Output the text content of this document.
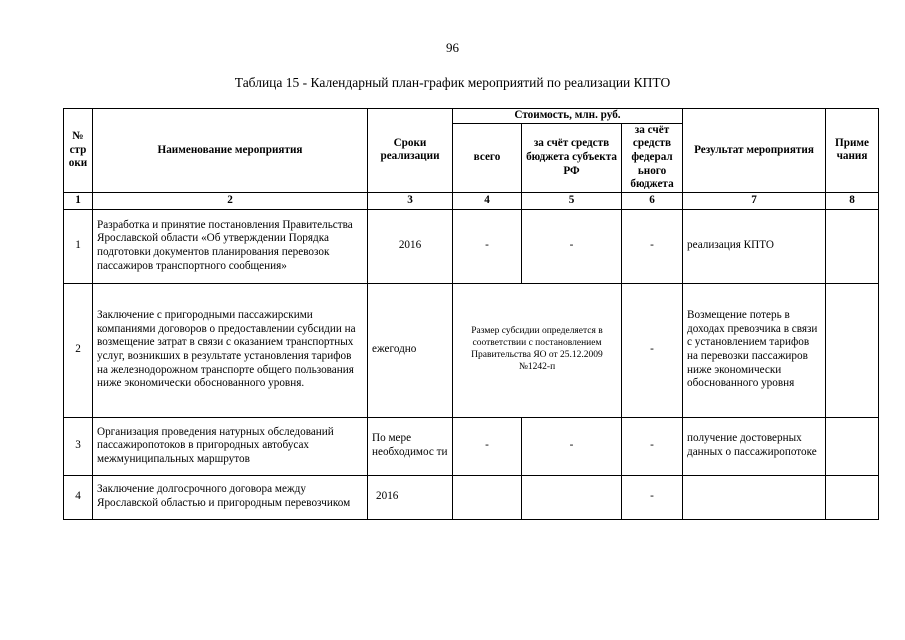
96
Таблица 15 - Календарный план-график мероприятий по реализации КПТО
№ стр оки	Наименование мероприятия	Сроки реализации	Стоимость, млн. руб.			Результат мероприятия	Приме чания
			всего	за счёт средств бюджета субъекта РФ	за счёт средств федерал ьного бюджета		
1	2	3	4	5	6	7	8
1	Разработка и принятие постановления Правительства Ярославской области «Об утверждении Порядка подготовки документов планирования перевозок пассажиров транспортного сообщения»	2016	-	-	-	реализация КПТО	
2	Заключение с пригородными пассажирскими компаниями договоров о предоставлении субсидии на возмещение затрат в связи с оказанием транспортных услуг, возникших в результате установления тарифов на железнодорожном транспорте общего пользования ниже экономически обоснованного уровня.	ежегодно	Размер субсидии определяется в соответствии с постановлением Правительства ЯО от 25.12.2009 №1242-п		-	Возмещение потерь в доходах превозчика в связи с установлением тарифов на перевозки пассажиров ниже экономически обоснованного уровня	
3	Организация проведения натурных обследований пассажиропотоков в пригородных автобусах межмуниципальных маршрутов	По мере необходимос ти	-	-	-	получение достоверных данных о пассажиропотоке	
4	Заключение долгосрочного договора между Ярославской областью и пригородным перевозчиком	2016			-		
